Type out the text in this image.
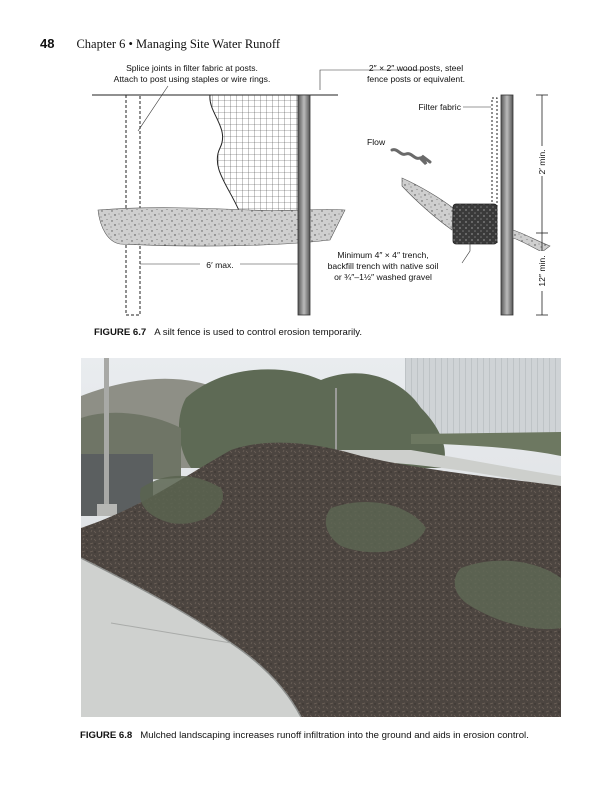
48 Chapter 6 • Managing Site Water Runoff
6′ max.
Splice joints in filter fabric at posts.
Attach to post using staples or wire rings.
2″ × 2″ wood posts, steel
fence posts or equivalent.
Filter fabric
Flow
Minimum 4″ × 4″ trench,
backfill trench with native soil
or ¾″–1½″ washed gravel
2′ min.
12″ min.
FIGURE 6.7 A silt fence is used to control erosion temporarily.
FIGURE 6.8 Mulched landscaping increases runoff infiltration into the ground and aids in erosion control.
